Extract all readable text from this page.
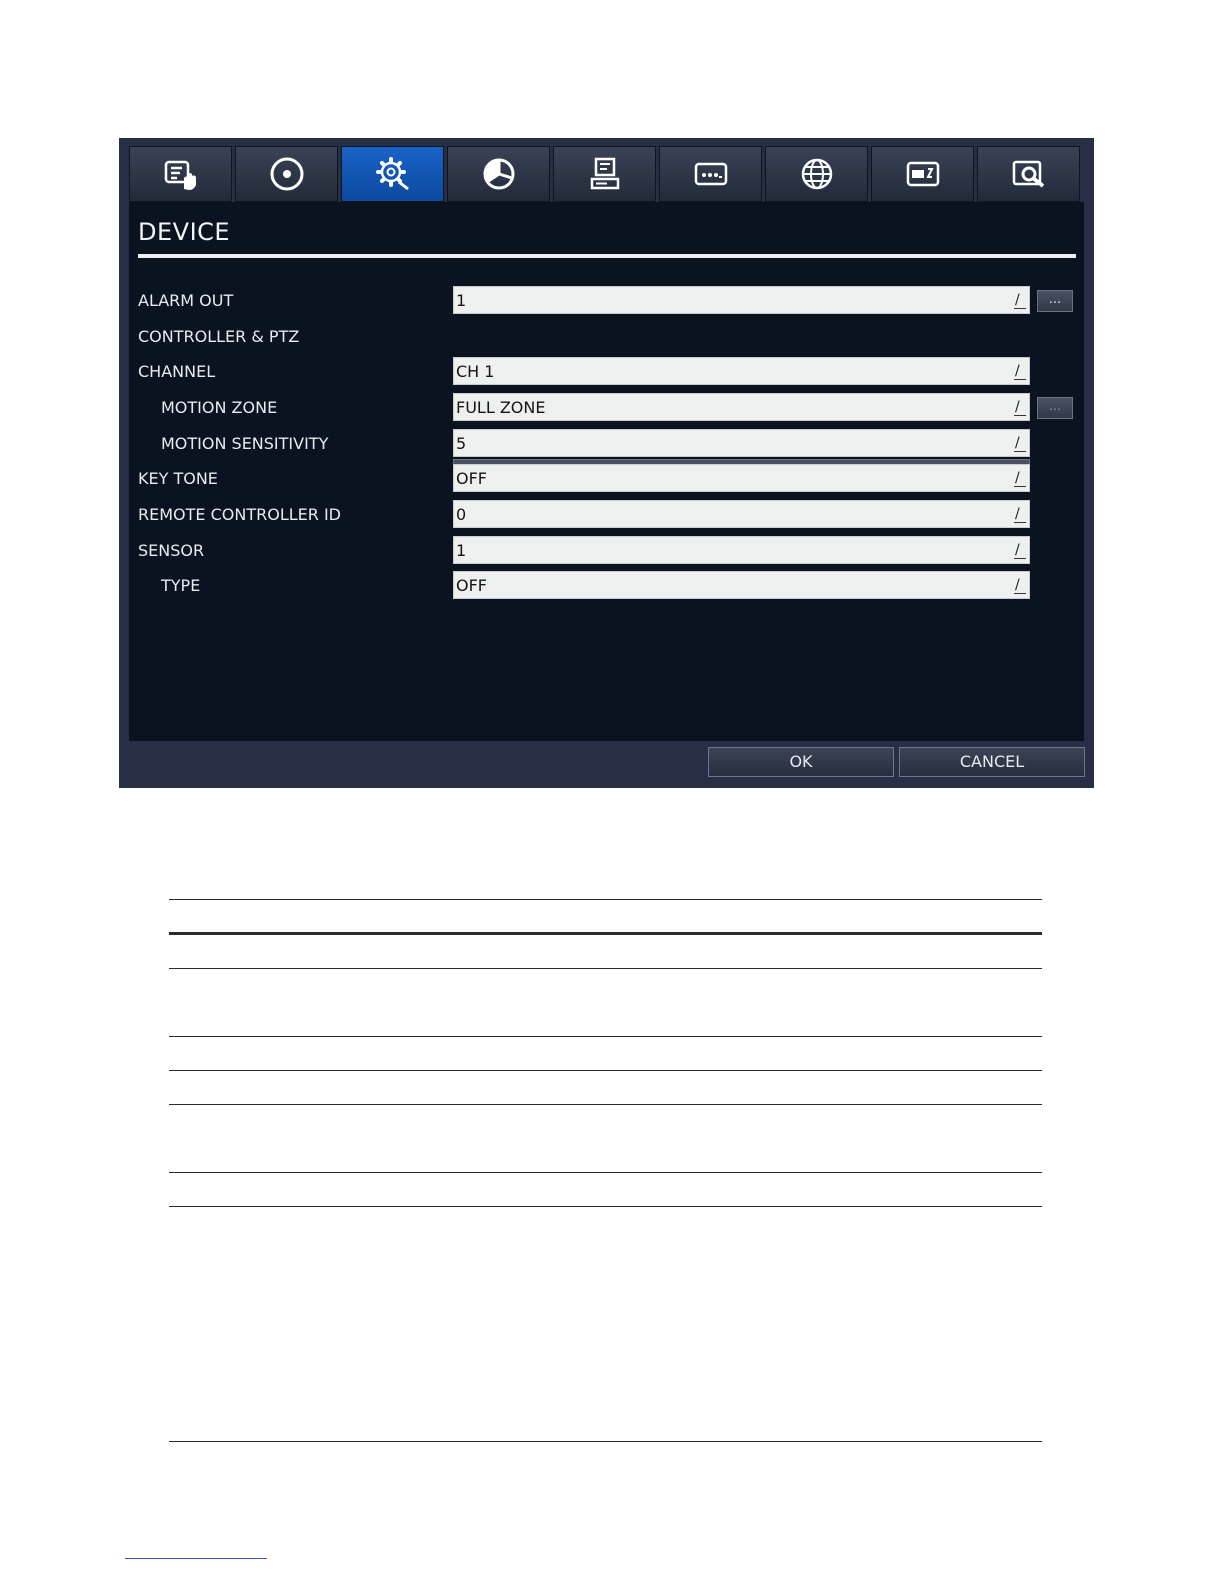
DEVICE
ALARM OUT	1	/	...
CONTROLLER & PTZ
CHANNEL	CH 1	/
MOTION ZONE	FULL ZONE	/	...
MOTION SENSITIVITY	5	/
KEY TONE	OFF	/
REMOTE CONTROLLER ID	0	/
SENSOR	1	/
TYPE	OFF	/
OK	CANCEL
